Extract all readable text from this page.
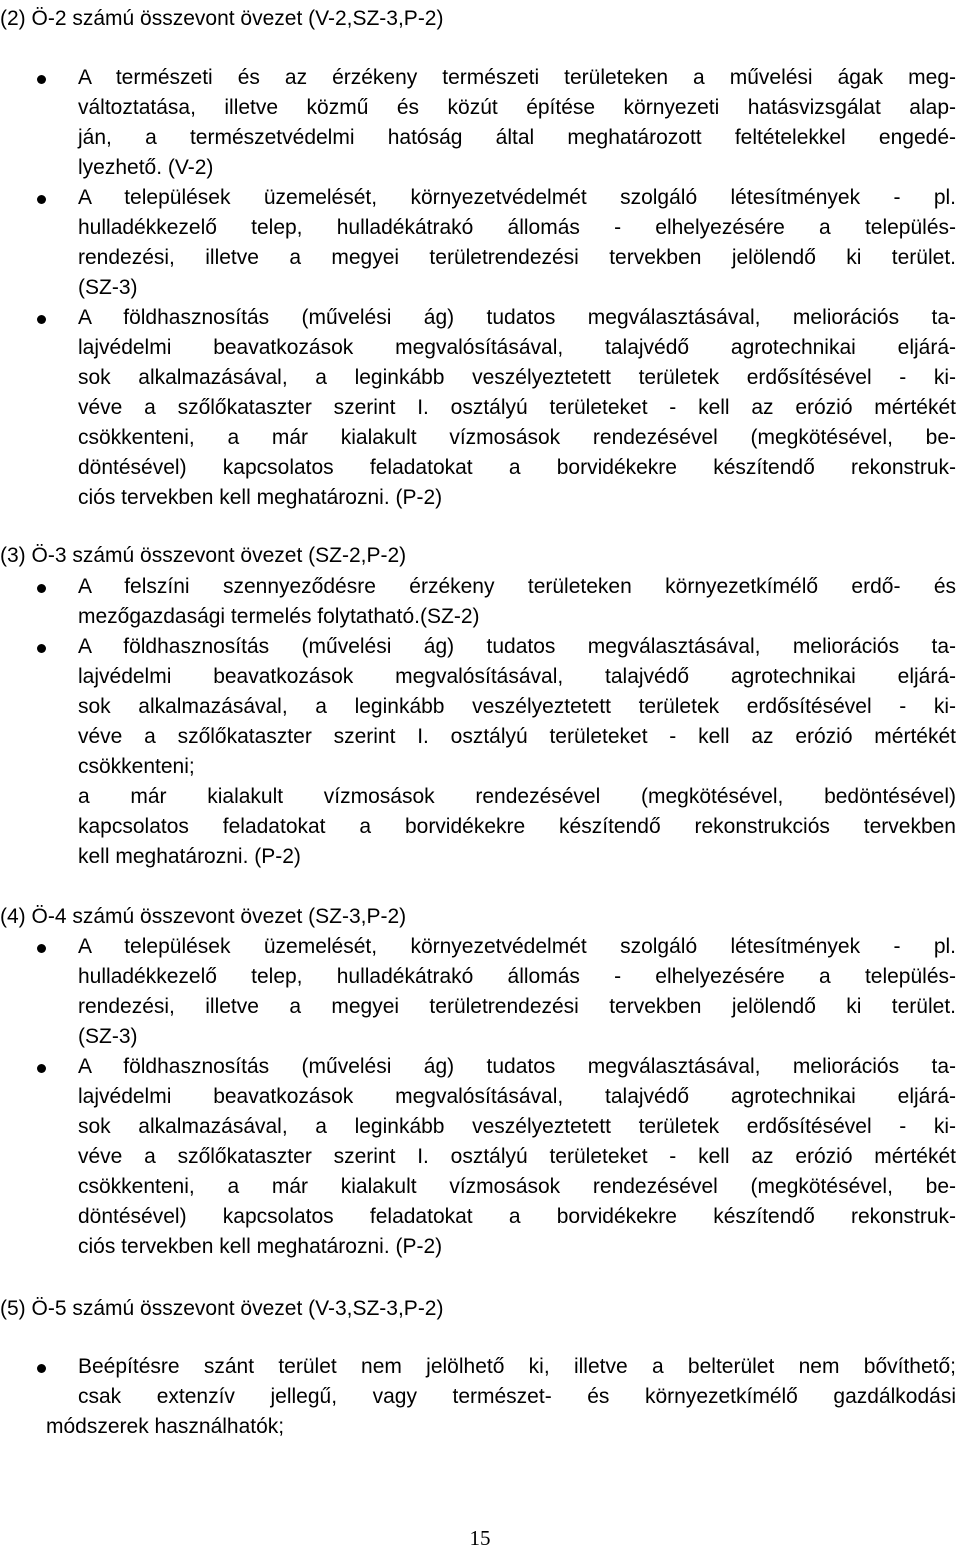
(2) Ö-2 számú összevont övezet (V-2,SZ-3,P-2)
A természeti és az érzékeny természeti területeken a művelési ágak meg-
változtatása, illetve közmű és közút építése környezeti hatásvizsgálat alap-
ján, a természetvédelmi hatóság által meghatározott feltételekkel engedé-
lyezhető. (V-2)
A települések üzemelését, környezetvédelmét szolgáló létesítmények - pl.
hulladékkezelő telep, hulladékátrakó állomás - elhelyezésére a település-
rendezési, illetve a megyei területrendezési tervekben jelölendő ki terület.
(SZ-3)
A földhasznosítás (művelési ág) tudatos megválasztásával, meliorációs ta-
lajvédelmi beavatkozások megvalósításával, talajvédő agrotechnikai eljárá-
sok alkalmazásával, a leginkább veszélyeztetett területek erdősítésével - ki-
véve a szőlőkataszter szerint I. osztályú területeket - kell az erózió mértékét
csökkenteni, a már kialakult vízmosások rendezésével (megkötésével, be-
döntésével) kapcsolatos feladatokat a borvidékekre készítendő rekonstruk-
ciós tervekben kell meghatározni. (P-2)
(3) Ö-3 számú összevont övezet (SZ-2,P-2)
A felszíni szennyeződésre érzékeny területeken környezetkímélő erdő- és
mezőgazdasági termelés folytatható.(SZ-2)
A földhasznosítás (művelési ág) tudatos megválasztásával, meliorációs ta-
lajvédelmi beavatkozások megvalósításával, talajvédő agrotechnikai eljárá-
sok alkalmazásával, a leginkább veszélyeztetett területek erdősítésével - ki-
véve a szőlőkataszter szerint I. osztályú területeket - kell az erózió mértékét
csökkenteni;
a már kialakult vízmosások rendezésével (megkötésével, bedöntésével)
kapcsolatos feladatokat a borvidékekre készítendő rekonstrukciós tervekben
kell meghatározni. (P-2)
(4) Ö-4 számú összevont övezet (SZ-3,P-2)
A települések üzemelését, környezetvédelmét szolgáló létesítmények - pl.
hulladékkezelő telep, hulladékátrakó állomás - elhelyezésére a település-
rendezési, illetve a megyei területrendezési tervekben jelölendő ki terület.
(SZ-3)
A földhasznosítás (művelési ág) tudatos megválasztásával, meliorációs ta-
lajvédelmi beavatkozások megvalósításával, talajvédő agrotechnikai eljárá-
sok alkalmazásával, a leginkább veszélyeztetett területek erdősítésével - ki-
véve a szőlőkataszter szerint I. osztályú területeket - kell az erózió mértékét
csökkenteni, a már kialakult vízmosások rendezésével (megkötésével, be-
döntésével) kapcsolatos feladatokat a borvidékekre készítendő rekonstruk-
ciós tervekben kell meghatározni. (P-2)
(5) Ö-5 számú összevont övezet (V-3,SZ-3,P-2)
Beépítésre szánt terület nem jelölhető ki, illetve a belterület nem bővíthető;
csak extenzív jellegű, vagy természet- és környezetkímélő gazdálkodási
módszerek használhatók;
15
